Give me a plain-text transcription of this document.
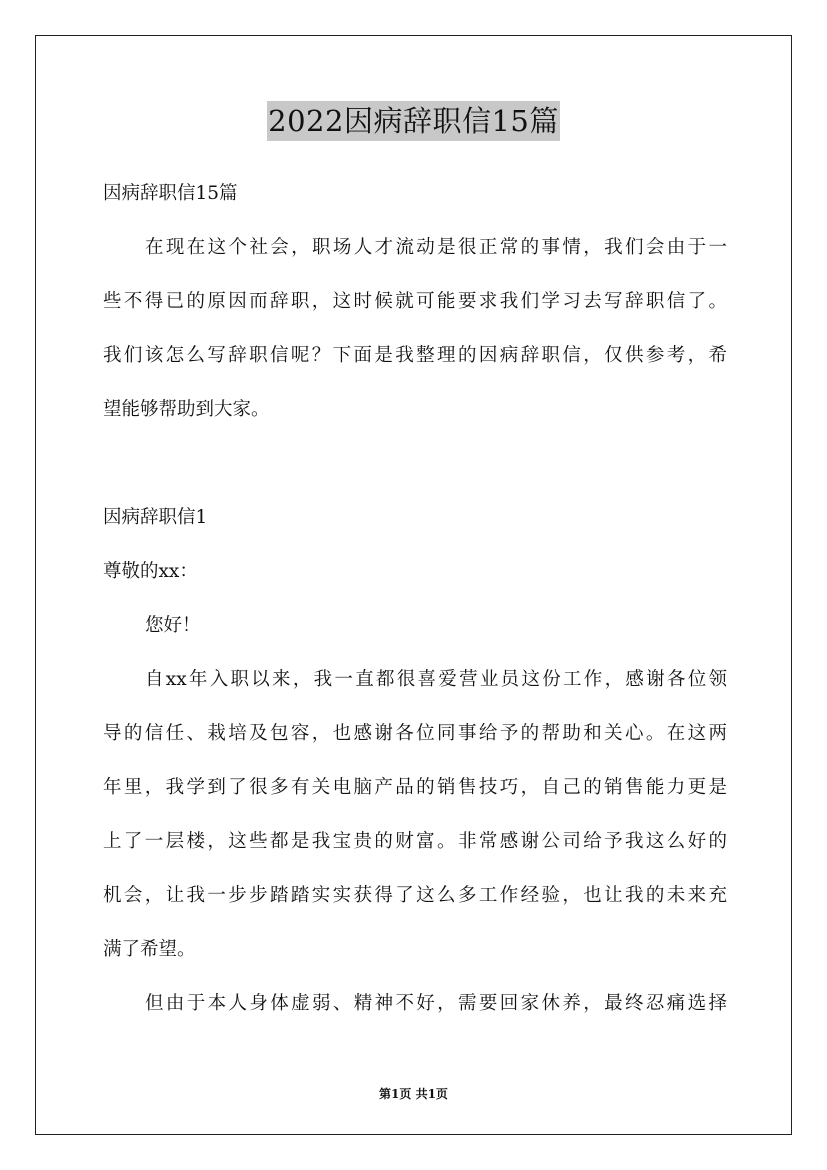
2022因病辞职信15篇
因病辞职信15篇
在现在这个社会，职场人才流动是很正常的事情，我们会由于一
些不得已的原因而辞职，这时候就可能要求我们学习去写辞职信了。
我们该怎么写辞职信呢？下面是我整理的因病辞职信，仅供参考，希
望能够帮助到大家。
因病辞职信1
尊敬的xx：
您好！
自xx年入职以来，我一直都很喜爱营业员这份工作，感谢各位领
导的信任、栽培及包容，也感谢各位同事给予的帮助和关心。在这两
年里，我学到了很多有关电脑产品的销售技巧，自己的销售能力更是
上了一层楼，这些都是我宝贵的财富。非常感谢公司给予我这么好的
机会，让我一步步踏踏实实获得了这么多工作经验，也让我的未来充
满了希望。
但由于本人身体虚弱、精神不好，需要回家休养，最终忍痛选择
第1页 共1页
